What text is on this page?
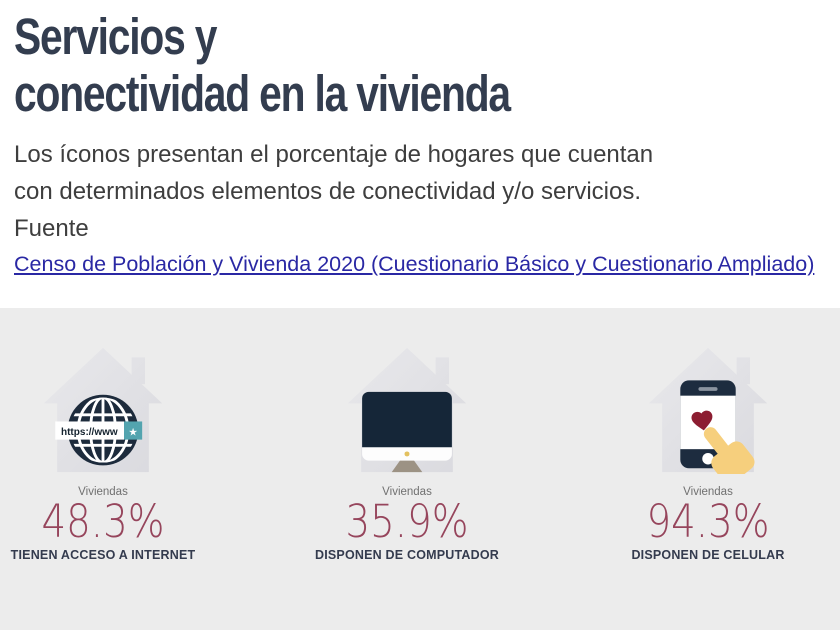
Servicios y
conectividad en la vivienda
Los íconos presentan el porcentaje de hogares que cuentan
con determinados elementos de conectividad y/o servicios.
Fuente
Censo de Población y Vivienda 2020 (Cuestionario Básico y Cuestionario Ampliado)
https://www ★
Viviendas
48.3%
TIENEN ACCESO A INTERNET
Viviendas
35.9%
DISPONEN DE COMPUTADOR
Viviendas
94.3%
DISPONEN DE CELULAR
